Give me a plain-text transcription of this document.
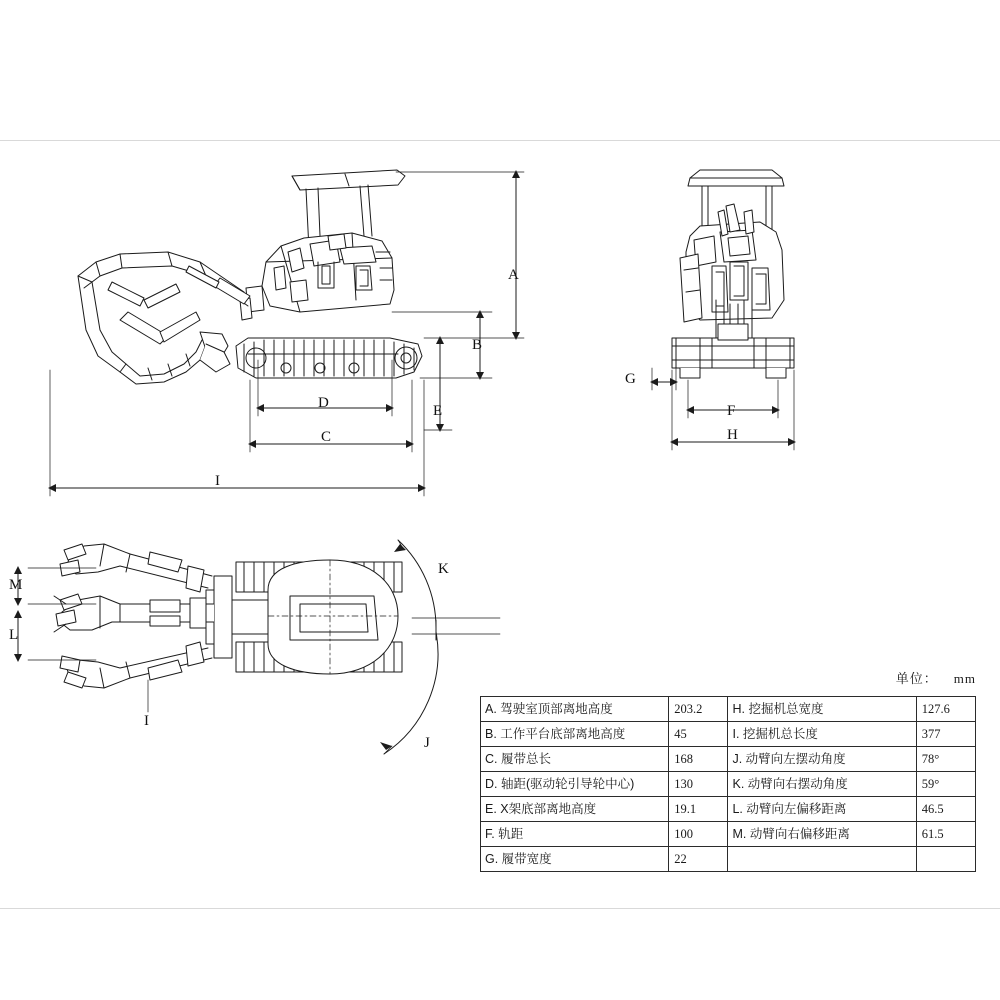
A
B
D	E
C
I
G
F
H
M
L
K
J
I
单位： mm
A. 驾驶室顶部离地高度	203.2	H. 挖掘机总宽度	127.6
B. 工作平台底部离地高度	45	I. 挖掘机总长度	377
C. 履带总长	168	J. 动臂向左摆动角度	78°
D. 轴距(驱动轮引导轮中心)	130	K. 动臂向右摆动角度	59°
E. X架底部离地高度	19.1	L. 动臂向左偏移距离	46.5
F. 轨距	100	M. 动臂向右偏移距离	61.5
G. 履带宽度	22		
